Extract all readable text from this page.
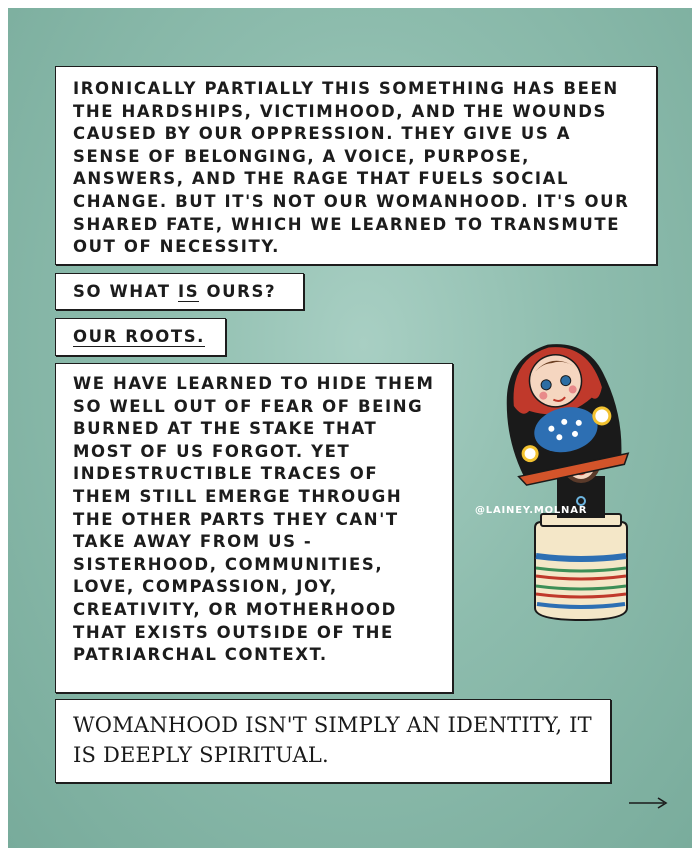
IRONICALLY PARTIALLY THIS SOMETHING HAS BEEN THE HARDSHIPS, VICTIMHOOD, AND THE WOUNDS CAUSED BY OUR OPPRESSION. THEY GIVE US A SENSE OF BELONGING, A VOICE, PURPOSE, ANSWERS, AND THE RAGE THAT FUELS SOCIAL CHANGE. BUT IT'S NOT OUR WOMANHOOD. IT'S OUR SHARED FATE, WHICH WE LEARNED TO TRANSMUTE OUT OF NECESSITY.

SO WHAT IS OURS?

OUR ROOTS.

WE HAVE LEARNED TO HIDE THEM SO WELL OUT OF FEAR OF BEING BURNED AT THE STAKE THAT MOST OF US FORGOT. YET INDESTRUCTIBLE TRACES OF THEM STILL EMERGE THROUGH THE OTHER PARTS THEY CAN'T TAKE AWAY FROM US - SISTERHOOD, COMMUNITIES, LOVE, COMPASSION, JOY, CREATIVITY, OR MOTHERHOOD THAT EXISTS OUTSIDE OF THE PATRIARCHAL CONTEXT.

WOMANHOOD ISN'T SIMPLY AN IDENTITY, IT IS DEEPLY SPIRITUAL.

@LAINEY.MOLNAR
